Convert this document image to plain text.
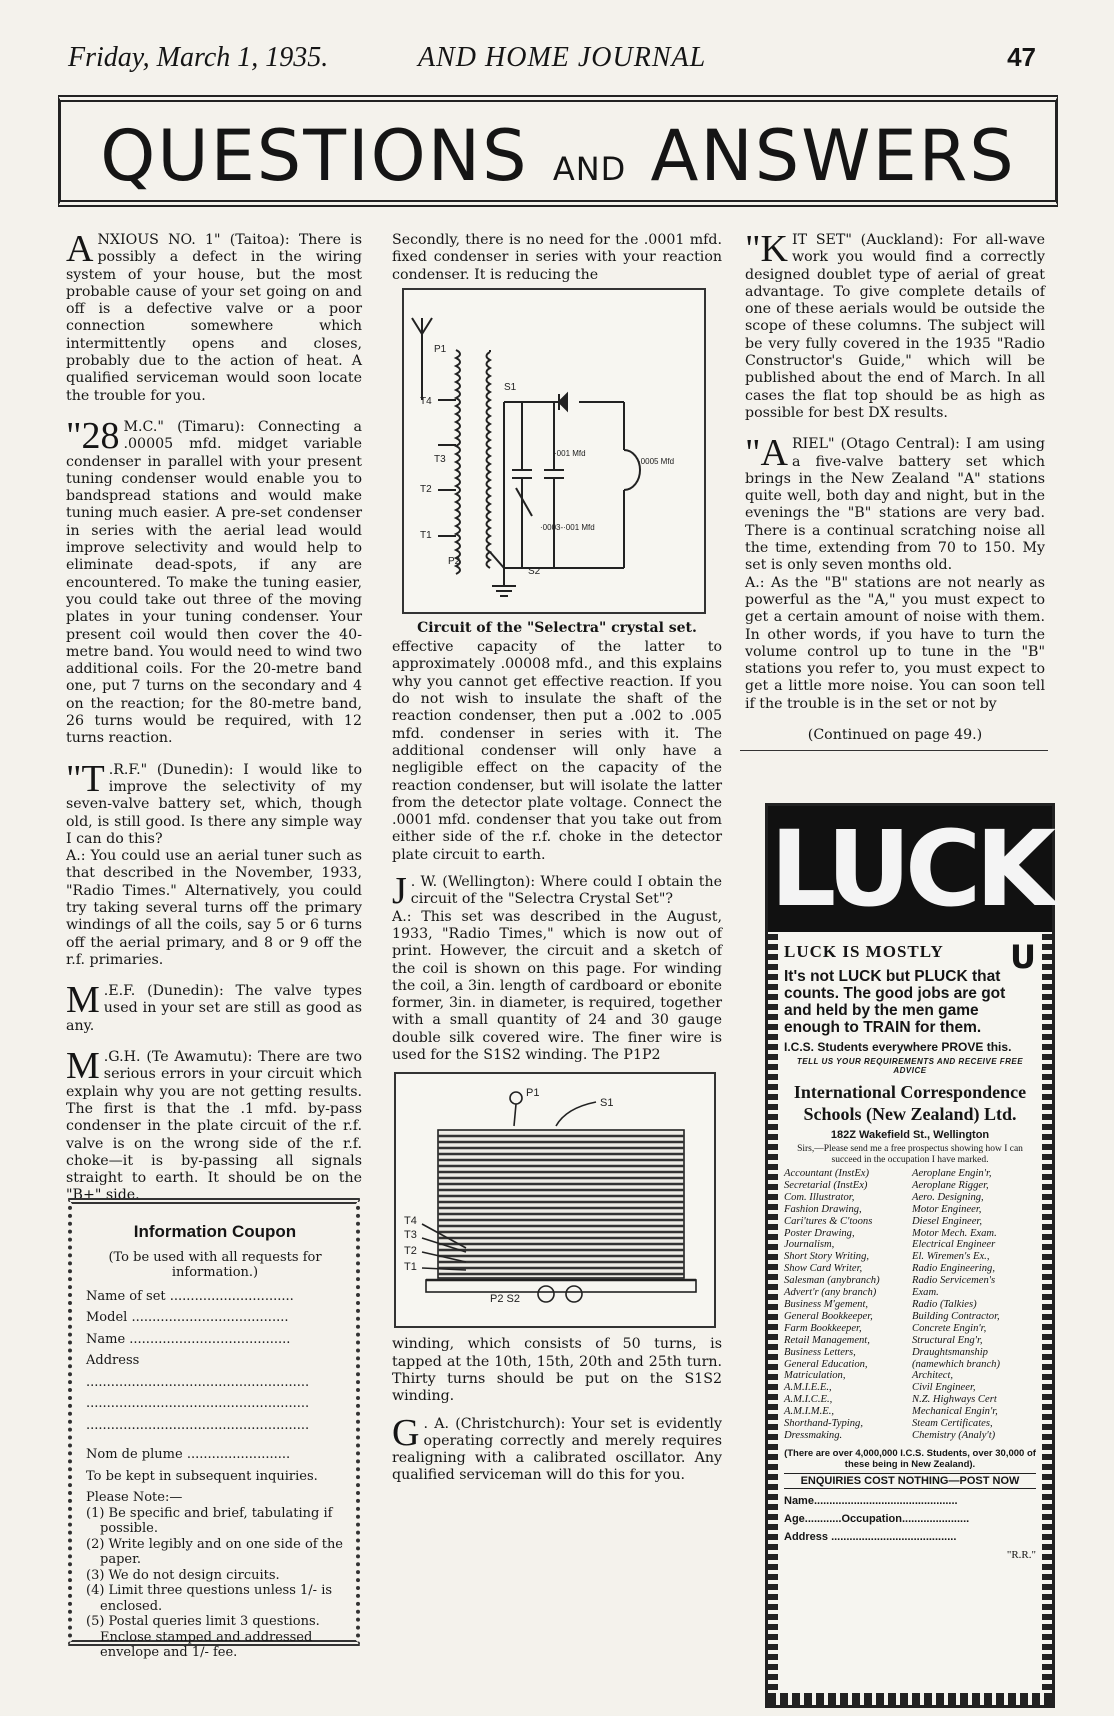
Friday, March 1, 1935.	AND HOME JOURNAL	47
QUESTIONS AND ANSWERS
A NXIOUS NO. 1" (Taitoa): There is possibly a defect in the wiring system of your house, but the most probable cause of your set going on and off is a defective valve or a poor connection somewhere which intermittently opens and closes, probably due to the action of heat. A qualified serviceman would soon locate the trouble for you.
"28 M.C." (Timaru): Connecting a .00005 mfd. midget variable condenser in parallel with your present tuning condenser would enable you to bandspread stations and would make tuning much easier. A pre-set condenser in series with the aerial lead would improve selectivity and would help to eliminate dead-spots, if any are encountered. To make the tuning easier, you could take out three of the moving plates in your tuning condenser. Your present coil would then cover the 40-metre band. You would need to wind two additional coils. For the 20-metre band one, put 7 turns on the secondary and 4 on the reaction; for the 80-metre band, 26 turns would be required, with 12 turns reaction.
"T .R.F." (Dunedin): I would like to improve the selectivity of my seven-valve battery set, which, though old, is still good. Is there any simple way I can do this?
A.: You could use an aerial tuner such as that described in the November, 1933, "Radio Times." Alternatively, you could try taking several turns off the primary windings of all the coils, say 5 or 6 turns off the aerial primary, and 8 or 9 off the r.f. primaries.
M .E.F. (Dunedin): The valve types used in your set are still as good as any.
M .G.H. (Te Awamutu): There are two serious errors in your circuit which explain why you are not getting results. The first is that the .1 mfd. by-pass condenser in the plate circuit of the r.f. valve is on the wrong side of the r.f. choke—it is by-passing all signals straight to earth. It should be on the "B+" side.
Information Coupon
(To be used with all requests for information.)
Name of set ..............................
Model ......................................
Name .......................................
Address
......................................................
......................................................
......................................................
Nom de plume .........................
To be kept in subsequent inquiries.
Please Note:—
(1) Be specific and brief, tabulating if possible.
(2) Write legibly and on one side of the paper.
(3) We do not design circuits.
(4) Limit three questions unless 1/- is enclosed.
(5) Postal queries limit 3 questions. Enclose stamped and addressed envelope and 1/- fee.
Secondly, there is no need for the .0001 mfd. fixed condenser in series with your reaction condenser. It is reducing the
P1
S1
T4
T3
T2
T1
P2
S2
·001 Mfd
·0005 Mfd
·0003-·001 Mfd
Circuit of the "Selectra" crystal set.
effective capacity of the latter to approximately .00008 mfd., and this explains why you cannot get effective reaction. If you do not wish to insulate the shaft of the reaction condenser, then put a .002 to .005 mfd. condenser in series with it. The additional condenser will only have a negligible effect on the capacity of the reaction condenser, but will isolate the latter from the detector plate voltage. Connect the .0001 mfd. condenser that you take out from either side of the r.f. choke in the detector plate circuit to earth.
J . W. (Wellington): Where could I obtain the circuit of the "Selectra Crystal Set"?
A.: This set was described in the August, 1933, "Radio Times," which is now out of print. However, the circuit and a sketch of the coil is shown on this page. For winding the coil, a 3in. length of cardboard or ebonite former, 3in. in diameter, is required, together with a small quantity of 24 and 30 gauge double silk covered wire. The finer wire is used for the S1S2 winding. The P1P2
P1
S1
T4
T3
T2
T1
P2 S2
winding, which consists of 50 turns, is tapped at the 10th, 15th, 20th and 25th turn. Thirty turns should be put on the S1S2 winding.
G . A. (Christchurch): Your set is evidently operating correctly and merely requires realigning with a calibrated oscillator. Any qualified serviceman will do this for you.
"K IT SET" (Auckland): For all-wave work you would find a correctly designed doublet type of aerial of great advantage. To give complete details of one of these aerials would be outside the scope of these columns. The subject will be very fully covered in the 1935 "Radio Constructor's Guide," which will be published about the end of March. In all cases the flat top should be as high as possible for best DX results.
"A RIEL" (Otago Central): I am using a five-valve battery set which brings in the New Zealand "A" stations quite well, both day and night, but in the evenings the "B" stations are very bad. There is a continual scratching noise all the time, extending from 70 to 150. My set is only seven months old.
A.: As the "B" stations are not nearly as powerful as the "A," you must expect to get a certain amount of noise with them. In other words, if you have to turn the volume control up to tune in the "B" stations you refer to, you must expect to get a little more noise. You can soon tell if the trouble is in the set or not by
(Continued on page 49.)
LUCK
U
LUCK IS MOSTLY
It's not LUCK but PLUCK that counts. The good jobs are got and held by the men game enough to TRAIN for them.
I.C.S. Students everywhere PROVE this.
TELL US YOUR REQUIREMENTS AND RECEIVE FREE ADVICE
International Correspondence
Schools (New Zealand) Ltd.
182Z Wakefield St., Wellington
Sirs,—Please send me a free prospectus showing how I can succeed in the occupation I have marked.
Accountant (InstEx)
Secretarial (InstEx)
Com. Illustrator,
Fashion Drawing,
Cari'tures & C'toons
Poster Drawing,
Journalism,
Short Story Writing,
Show Card Writer,
Salesman (anybranch)
Advert'r (any branch)
Business M'gement,
General Bookkeeper,
Farm Bookkeeper,
Retail Management,
Business Letters,
General Education,
Matriculation,
A.M.I.E.E.,
A.M.I.C.E.,
A.M.I.M.E.,
Shorthand-Typing,
Dressmaking.
Aeroplane Engin'r,
Aeroplane Rigger,
Aero. Designing,
Motor Engineer,
Diesel Engineer,
Motor Mech. Exam.
Electrical Engineer
El. Wiremen's Ex.,
Radio Engineering,
Radio Servicemen's
Exam.
Radio (Talkies)
Building Contractor,
Concrete Engin'r,
Structural Eng'r,
Draughtsmanship
(namewhich branch)
Architect,
Civil Engineer,
N.Z. Highways Cert
Mechanical Engin'r,
Steam Certificates,
Chemistry (Analy't)
(There are over 4,000,000 I.C.S. Students, over 30,000 of these being in New Zealand).
ENQUIRIES COST NOTHING—POST NOW
Name...............................................
Age............Occupation......................
Address .........................................
"R.R."
